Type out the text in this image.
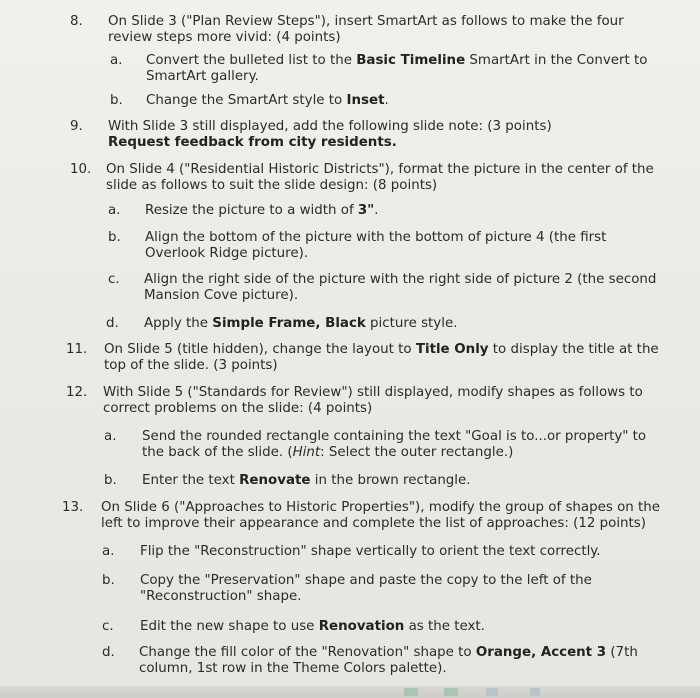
8. On Slide 3 ("Plan Review Steps"), insert SmartArt as follows to make the four
review steps more vivid: (4 points)
a.	Convert the bulleted list to the Basic Timeline SmartArt in the Convert to
SmartArt gallery.
b.	Change the SmartArt style to Inset.
9. With Slide 3 still displayed, add the following slide note: (3 points)
Request feedback from city residents.
10. On Slide 4 ("Residential Historic Districts"), format the picture in the center of the
slide as follows to suit the slide design: (8 points)
a.	Resize the picture to a width of 3".
b.	Align the bottom of the picture with the bottom of picture 4 (the first
Overlook Ridge picture).
c.	Align the right side of the picture with the right side of picture 2 (the second
Mansion Cove picture).
d.	Apply the Simple Frame, Black picture style.
11. On Slide 5 (title hidden), change the layout to Title Only to display the title at the
top of the slide. (3 points)
12. With Slide 5 ("Standards for Review") still displayed, modify shapes as follows to
correct problems on the slide: (4 points)
a.	Send the rounded rectangle containing the text "Goal is to...or property" to
the back of the slide. (Hint: Select the outer rectangle.)
b.	Enter the text Renovate in the brown rectangle.
13. On Slide 6 ("Approaches to Historic Properties"), modify the group of shapes on the
left to improve their appearance and complete the list of approaches: (12 points)
a.	Flip the "Reconstruction" shape vertically to orient the text correctly.
b.	Copy the "Preservation" shape and paste the copy to the left of the
"Reconstruction" shape.
c.	Edit the new shape to use Renovation as the text.
d.	Change the fill color of the "Renovation" shape to Orange, Accent 3 (7th
column, 1st row in the Theme Colors palette).
